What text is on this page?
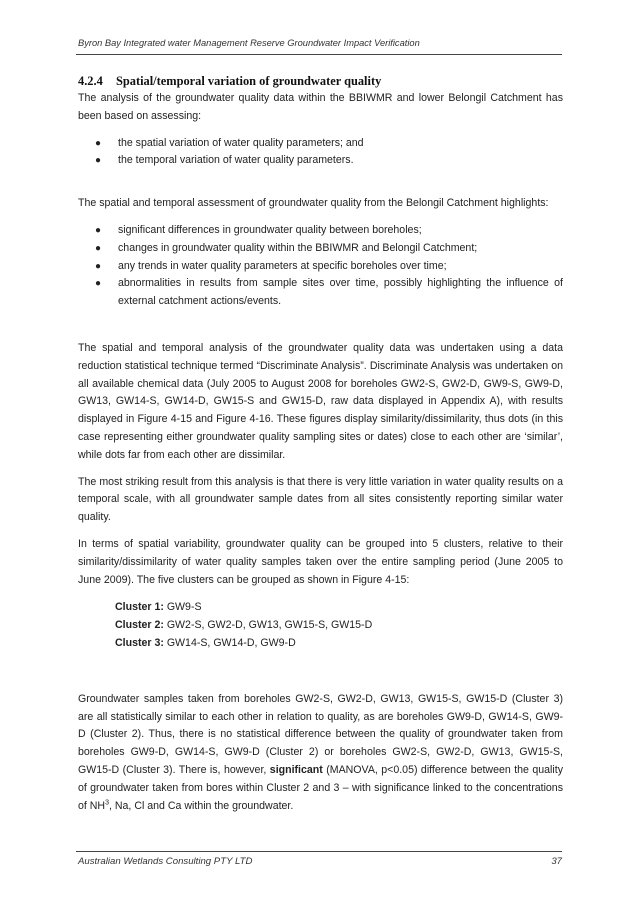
Byron Bay Integrated water Management Reserve Groundwater Impact Verification
4.2.4 Spatial/temporal variation of groundwater quality

The analysis of the groundwater quality data within the BBIWMR and lower Belongil Catchment has been based on assessing:

● the spatial variation of water quality parameters; and
● the temporal variation of water quality parameters.

The spatial and temporal assessment of groundwater quality from the Belongil Catchment highlights:

● significant differences in groundwater quality between boreholes;
● changes in groundwater quality within the BBIWMR and Belongil Catchment;
● any trends in water quality parameters at specific boreholes over time;
● abnormalities in results from sample sites over time, possibly highlighting the influence of external catchment actions/events.

The spatial and temporal analysis of the groundwater quality data was undertaken using a data reduction statistical technique termed “Discriminate Analysis”. Discriminate Analysis was undertaken on all available chemical data (July 2005 to August 2008 for boreholes GW2-S, GW2-D, GW9-S, GW9-D, GW13, GW14-S, GW14-D, GW15-S and GW15-D, raw data displayed in Appendix A), with results displayed in Figure 4-15 and Figure 4-16. These figures display similarity/dissimilarity, thus dots (in this case representing either groundwater quality sampling sites or dates) close to each other are ‘similar’, while dots far from each other are dissimilar.

The most striking result from this analysis is that there is very little variation in water quality results on a temporal scale, with all groundwater sample dates from all sites consistently reporting similar water quality.

In terms of spatial variability, groundwater quality can be grouped into 5 clusters, relative to their similarity/dissimilarity of water quality samples taken over the entire sampling period (June 2005 to June 2009). The five clusters can be grouped as shown in Figure 4-15:

Cluster 1: GW9-S
Cluster 2: GW2-S, GW2-D, GW13, GW15-S, GW15-D
Cluster 3: GW14-S, GW14-D, GW9-D

Groundwater samples taken from boreholes GW2-S, GW2-D, GW13, GW15-S, GW15-D (Cluster 3) are all statistically similar to each other in relation to quality, as are boreholes GW9-D, GW14-S, GW9-D (Cluster 2). Thus, there is no statistical difference between the quality of groundwater taken from boreholes GW9-D, GW14-S, GW9-D (Cluster 2) or boreholes GW2-S, GW2-D, GW13, GW15-S, GW15-D (Cluster 3). There is, however, significant (MANOVA, p<0.05) difference between the quality of groundwater taken from bores within Cluster 2 and 3 – with significance linked to the concentrations of $NH^3$, Na, Cl and Ca within the groundwater.

Australian Wetlands Consulting PTY LTD	37
